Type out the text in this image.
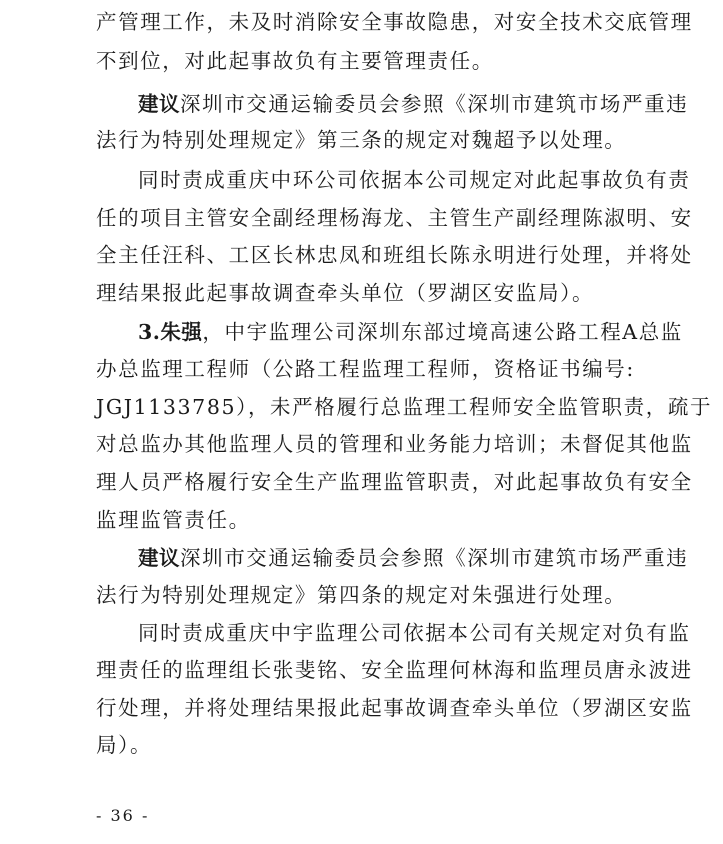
产管理工作，未及时消除安全事故隐患，对安全技术交底管理
不到位，对此起事故负有主要管理责任。
建议深圳市交通运输委员会参照《深圳市建筑市场严重违
法行为特别处理规定》第三条的规定对魏超予以处理。
同时责成重庆中环公司依据本公司规定对此起事故负有责
任的项目主管安全副经理杨海龙、主管生产副经理陈淑明、安
全主任汪科、工区长林忠凤和班组长陈永明进行处理，并将处
理结果报此起事故调查牵头单位（罗湖区安监局）。
3.朱强，中宇监理公司深圳东部过境高速公路工程A总监
办总监理工程师（公路工程监理工程师，资格证书编号:
JGJ1133785），未严格履行总监理工程师安全监管职责，疏于
对总监办其他监理人员的管理和业务能力培训；未督促其他监
理人员严格履行安全生产监理监管职责，对此起事故负有安全
监理监管责任。
建议深圳市交通运输委员会参照《深圳市建筑市场严重违
法行为特别处理规定》第四条的规定对朱强进行处理。
同时责成重庆中宇监理公司依据本公司有关规定对负有监
理责任的监理组长张斐铭、安全监理何林海和监理员唐永波进
行处理，并将处理结果报此起事故调查牵头单位（罗湖区安监
局）。
- 36 -
